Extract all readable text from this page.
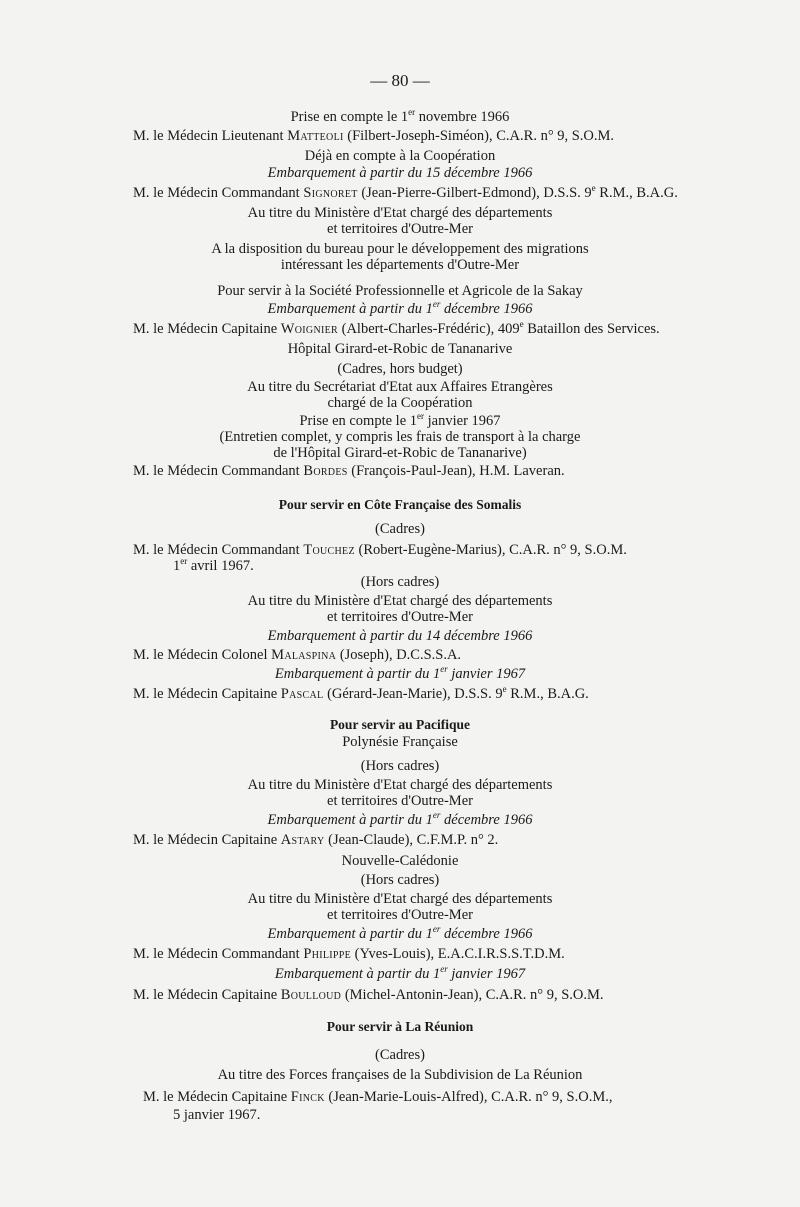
— 80 —
Prise en compte le 1er novembre 1966
M. le Médecin Lieutenant Matteoli (Filbert-Joseph-Siméon), C.A.R. n° 9, S.O.M.
Déjà en compte à la Coopération
Embarquement à partir du 15 décembre 1966
M. le Médecin Commandant Signoret (Jean-Pierre-Gilbert-Edmond), D.S.S. 9e R.M., B.A.G.
Au titre du Ministère d'Etat chargé des départements
et territoires d'Outre-Mer
A la disposition du bureau pour le développement des migrations
intéressant les départements d'Outre-Mer
Pour servir à la Société Professionnelle et Agricole de la Sakay
Embarquement à partir du 1er décembre 1966
M. le Médecin Capitaine Woignier (Albert-Charles-Frédéric), 409e Bataillon des Services.
Hôpital Girard-et-Robic de Tananarive
(Cadres, hors budget)
Au titre du Secrétariat d'Etat aux Affaires Etrangères
chargé de la Coopération
Prise en compte le 1er janvier 1967
(Entretien complet, y compris les frais de transport à la charge
de l'Hôpital Girard-et-Robic de Tananarive)
M. le Médecin Commandant Bordes (François-Paul-Jean), H.M. Laveran.
Pour servir en Côte Française des Somalis
(Cadres)
M. le Médecin Commandant Touchez (Robert-Eugène-Marius), C.A.R. n° 9, S.O.M.
1er avril 1967.
(Hors cadres)
Au titre du Ministère d'Etat chargé des départements
et territoires d'Outre-Mer
Embarquement à partir du 14 décembre 1966
M. le Médecin Colonel Malaspina (Joseph), D.C.S.S.A.
Embarquement à partir du 1er janvier 1967
M. le Médecin Capitaine Pascal (Gérard-Jean-Marie), D.S.S. 9e R.M., B.A.G.
Pour servir au Pacifique
Polynésie Française
(Hors cadres)
Au titre du Ministère d'Etat chargé des départements
et territoires d'Outre-Mer
Embarquement à partir du 1er décembre 1966
M. le Médecin Capitaine Astary (Jean-Claude), C.F.M.P. n° 2.
Nouvelle-Calédonie
(Hors cadres)
Au titre du Ministère d'Etat chargé des départements
et territoires d'Outre-Mer
Embarquement à partir du 1er décembre 1966
M. le Médecin Commandant Philippe (Yves-Louis), E.A.C.I.R.S.S.T.D.M.
Embarquement à partir du 1er janvier 1967
M. le Médecin Capitaine Boulloud (Michel-Antonin-Jean), C.A.R. n° 9, S.O.M.
Pour servir à La Réunion
(Cadres)
Au titre des Forces françaises de la Subdivision de La Réunion
M. le Médecin Capitaine Finck (Jean-Marie-Louis-Alfred), C.A.R. n° 9, S.O.M.,
5 janvier 1967.
